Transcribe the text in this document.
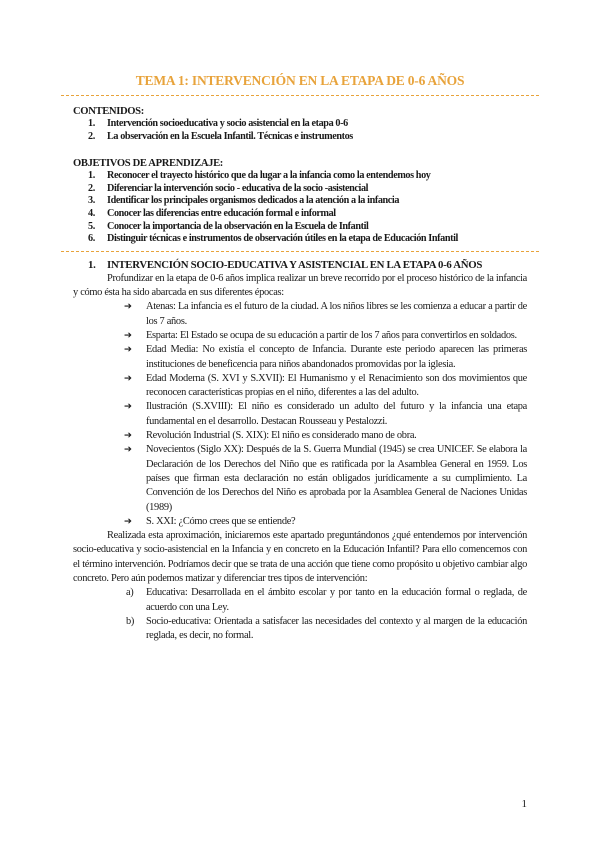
TEMA 1: INTERVENCIÓN EN LA ETAPA DE 0-6 AÑOS
CONTENIDOS:
1. Intervención socioeducativa y socio asistencial en la etapa 0-6
2. La observación en la Escuela Infantil. Técnicas e instrumentos
OBJETIVOS DE APRENDIZAJE:
1. Reconocer el trayecto histórico que da lugar a la infancia como la entendemos hoy
2. Diferenciar la intervención socio - educativa de la socio -asistencial
3. Identificar los principales organismos dedicados a la atención a la infancia
4. Conocer las diferencias entre educación formal e informal
5. Conocer la importancia de la observación en la Escuela de Infantil
6. Distinguir técnicas e instrumentos de observación útiles en la etapa de Educación Infantil
1. INTERVENCIÓN SOCIO-EDUCATIVA Y ASISTENCIAL EN LA ETAPA 0-6 AÑOS

Profundizar en la etapa de 0-6 años implica realizar un breve recorrido por el proceso histórico de la infancia y cómo ésta ha sido abarcada en sus diferentes épocas:

➔ Atenas: La infancia es el futuro de la ciudad. A los niños libres se les comienza a educar a partir de los 7 años.
➔ Esparta: El Estado se ocupa de su educación a partir de los 7 años para convertirlos en soldados.
➔ Edad Media: No existía el concepto de Infancia. Durante este periodo aparecen las primeras instituciones de beneficencia para niños abandonados promovidas por la iglesia.
➔ Edad Moderna (S. XVI y S.XVII): El Humanismo y el Renacimiento son dos movimientos que reconocen características propias en el niño, diferentes a las del adulto.
➔ Ilustración (S.XVIII): El niño es considerado un adulto del futuro y la infancia una etapa fundamental en el desarrollo. Destacan Rousseau y Pestalozzi.
➔ Revolución Industrial (S. XIX): El niño es considerado mano de obra.
➔ Novecientos (Siglo XX): Después de la S. Guerra Mundial (1945) se crea UNICEF. Se elabora la Declaración de los Derechos del Niño que es ratificada por la Asamblea General en 1959. Los países que firman esta declaración no están obligados jurídicamente a su cumplimiento. La Convención de los Derechos del Niño es aprobada por la Asamblea General de Naciones Unidas (1989)
➔ S. XXI: ¿Cómo crees que se entiende?

Realizada esta aproximación, iniciaremos este apartado preguntándonos ¿qué entendemos por intervención socio-educativa y socio-asistencial en la Infancia y en concreto en la Educación Infantil? Para ello comencemos con el término intervención. Podríamos decir que se trata de una acción que tiene como propósito u objetivo cambiar algo concreto. Pero aún podemos matizar y diferenciar tres tipos de intervención:

a) Educativa: Desarrollada en el ámbito escolar y por tanto en la educación formal o reglada, de acuerdo con una Ley.
b) Socio-educativa: Orientada a satisfacer las necesidades del contexto y al margen de la educación reglada, es decir, no formal.
1
